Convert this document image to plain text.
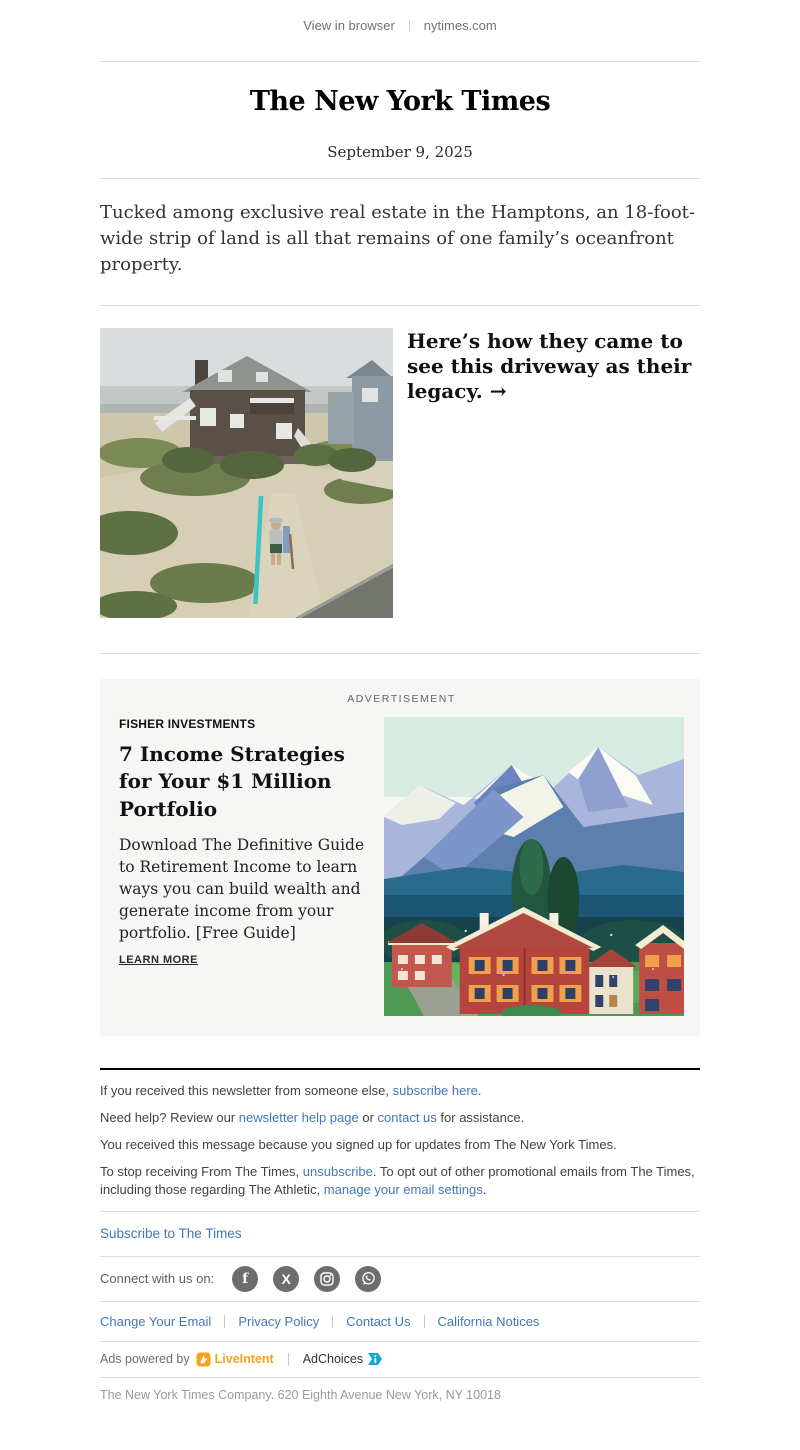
View in browser nytimes.com
The New York Times
September 9, 2025

Tucked among exclusive real estate in the Hamptons, an 18-foot-wide strip of land is all that remains of one family’s oceanfront property.

Here’s how they came to see this driveway as their legacy. →
ADVERTISEMENT
FISHER INVESTMENTS
7 Income Strategies for Your $1 Million Portfolio
Download The Definitive Guide to Retirement Income to learn ways you can build wealth and generate income from your portfolio. [Free Guide]
LEARN MORE

If you received this newsletter from someone else, subscribe here.

Need help? Review our newsletter help page or contact us for assistance.

You received this message because you signed up for updates from The New York Times.

To stop receiving From The Times, unsubscribe. To opt out of other promotional emails from The Times, including those regarding The Athletic, manage your email settings.

Subscribe to The Times
Connect with us on: f X
Change Your Email Privacy Policy Contact Us California Notices
Ads powered by LiveIntent AdChoices
The New York Times Company. 620 Eighth Avenue New York, NY 10018
